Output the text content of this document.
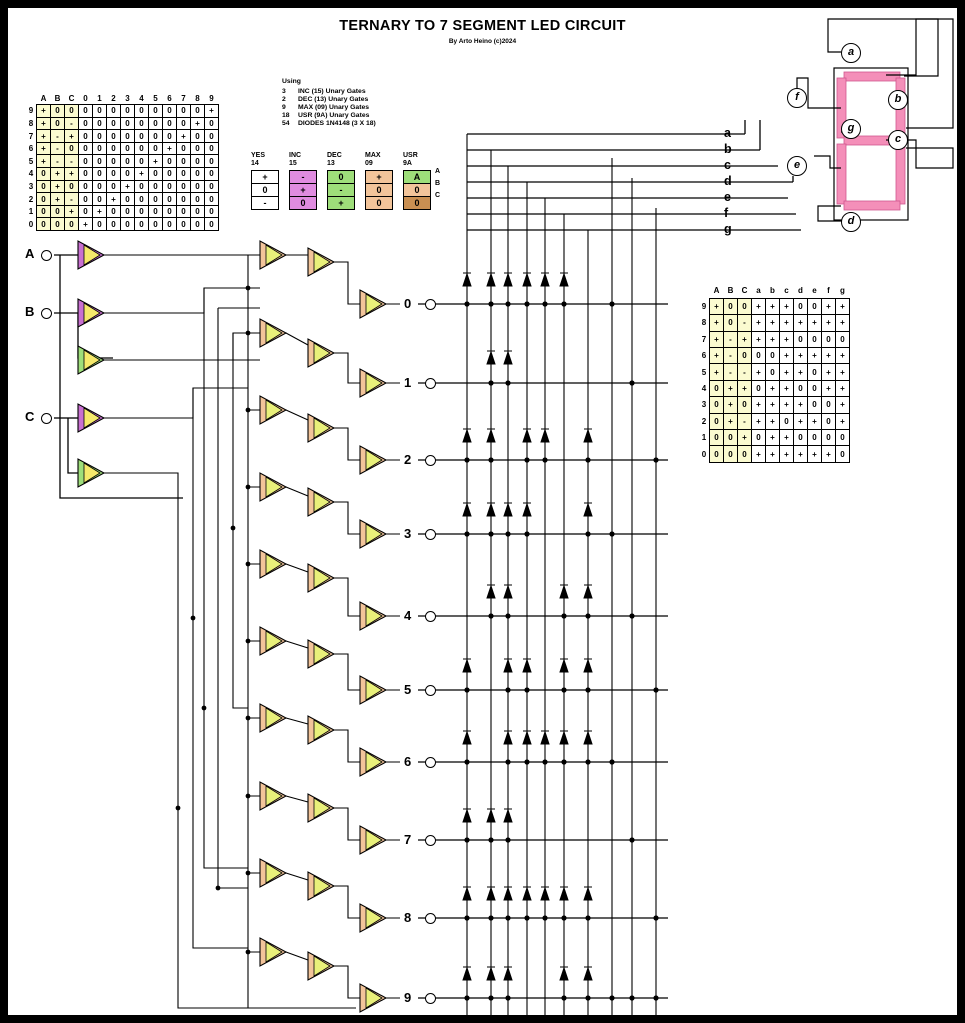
TERNARY TO 7 SEGMENT LED CIRCUIT
By Arto Heino (c)2024
Using
3	INC (15) Unary Gates
2	DEC (13) Unary Gates
9	MAX (09) Unary Gates
18	USR (9A) Unary Gates
54	DIODES 1N4148 (3 X 18)
YES
14
+
0
-
INC
15
-
+
0
DEC
13
0
-
+
MAX
09
+
0
0
USR
9A
A
0
0
A
B
C
	A	B	C	0	1	2	3	4	5	6	7	8	9
9	+	0	0	0	0	0	0	0	0	0	0	0	+
8	+	0	-	0	0	0	0	0	0	0	0	+	0
7	+	-	+	0	0	0	0	0	0	0	+	0	0
6	+	-	0	0	0	0	0	0	0	+	0	0	0
5	+	-	-	0	0	0	0	0	+	0	0	0	0
4	0	+	+	0	0	0	0	+	0	0	0	0	0
3	0	+	0	0	0	0	+	0	0	0	0	0	0
2	0	+	-	0	0	+	0	0	0	0	0	0	0
1	0	0	+	0	+	0	0	0	0	0	0	0	0
0	0	0	0	+	0	0	0	0	0	0	0	0	0
	A	B	C	a	b	c	d	e	f	g
9	+	0	0	+	+	+	0	0	+	+
8	+	0	-	+	+	+	+	+	+	+
7	+	-	+	+	+	+	0	0	0	0
6	+	-	0	0	0	+	+	+	+	+
5	+	-	-	+	0	+	+	0	+	+
4	0	+	+	0	+	+	0	0	+	+
3	0	+	0	+	+	+	+	0	0	+
2	0	+	-	+	+	0	+	+	0	+
1	0	0	+	0	+	+	0	0	0	0
0	0	0	0	+	+	+	+	+	+	0
0
1
2
3
4
5
6
7
8
9
A
B
C
a
b
c
d
e
f
g
a
b
c
d
e
f
g
